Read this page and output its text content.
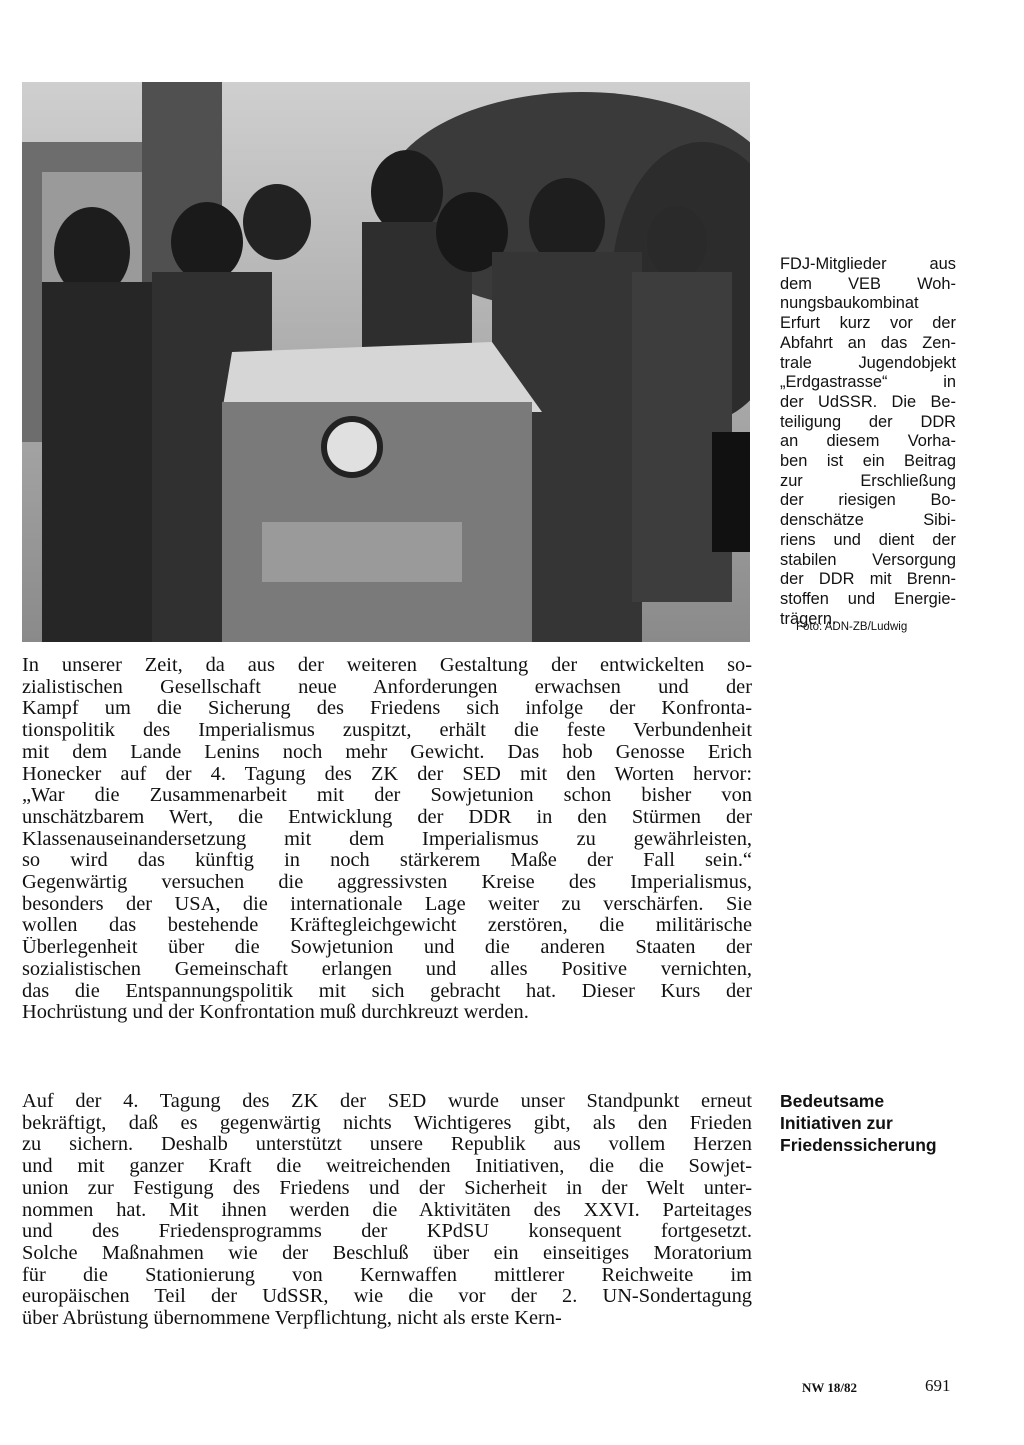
FDJ-Mitglieder aus
dem VEB Woh-
nungsbaukombinat
Erfurt kurz vor der
Abfahrt an das Zen-
trale Jugendobjekt
„Erdgastrasse“ in
der UdSSR. Die Be-
teiligung der DDR
an diesem Vorha-
ben ist ein Beitrag
zur Erschließung
der riesigen Bo-
denschätze Sibi-
riens und dient der
stabilen Versorgung
der DDR mit Brenn-
stoffen und Energie-
trägern.
Foto: ADN-ZB/Ludwig
In unserer Zeit, da aus der weiteren Gestaltung der entwickelten so-
zialistischen Gesellschaft neue Anforderungen erwachsen und der
Kampf um die Sicherung des Friedens sich infolge der Konfronta-
tionspolitik des Imperialismus zuspitzt, erhält die feste Verbundenheit
mit dem Lande Lenins noch mehr Gewicht. Das hob Genosse Erich
Honecker auf der 4. Tagung des ZK der SED mit den Worten hervor:
„War die Zusammenarbeit mit der Sowjetunion schon bisher von
unschätzbarem Wert, die Entwicklung der DDR in den Stürmen der
Klassenauseinandersetzung mit dem Imperialismus zu gewährleisten,
so wird das künftig in noch stärkerem Maße der Fall sein.“
Gegenwärtig versuchen die aggressivsten Kreise des Imperialismus,
besonders der USA, die internationale Lage weiter zu verschärfen. Sie
wollen das bestehende Kräftegleichgewicht zerstören, die militärische
Überlegenheit über die Sowjetunion und die anderen Staaten der
sozialistischen Gemeinschaft erlangen und alles Positive vernichten,
das die Entspannungspolitik mit sich gebracht hat. Dieser Kurs der
Hochrüstung und der Konfrontation muß durchkreuzt werden.
Bedeutsame
Initiativen zur
Friedenssicherung
Auf der 4. Tagung des ZK der SED wurde unser Standpunkt erneut
bekräftigt, daß es gegenwärtig nichts Wichtigeres gibt, als den Frieden
zu sichern. Deshalb unterstützt unsere Republik aus vollem Herzen
und mit ganzer Kraft die weitreichenden Initiativen, die die Sowjet-
union zur Festigung des Friedens und der Sicherheit in der Welt unter-
nommen hat. Mit ihnen werden die Aktivitäten des XXVI. Parteitages
und des Friedensprogramms der KPdSU konsequent fortgesetzt.
Solche Maßnahmen wie der Beschluß über ein einseitiges Moratorium
für die Stationierung von Kernwaffen mittlerer Reichweite im
europäischen Teil der UdSSR, wie die vor der 2. UN-Sondertagung
über Abrüstung übernommene Verpflichtung, nicht als erste Kern-
NW 18/82	691
